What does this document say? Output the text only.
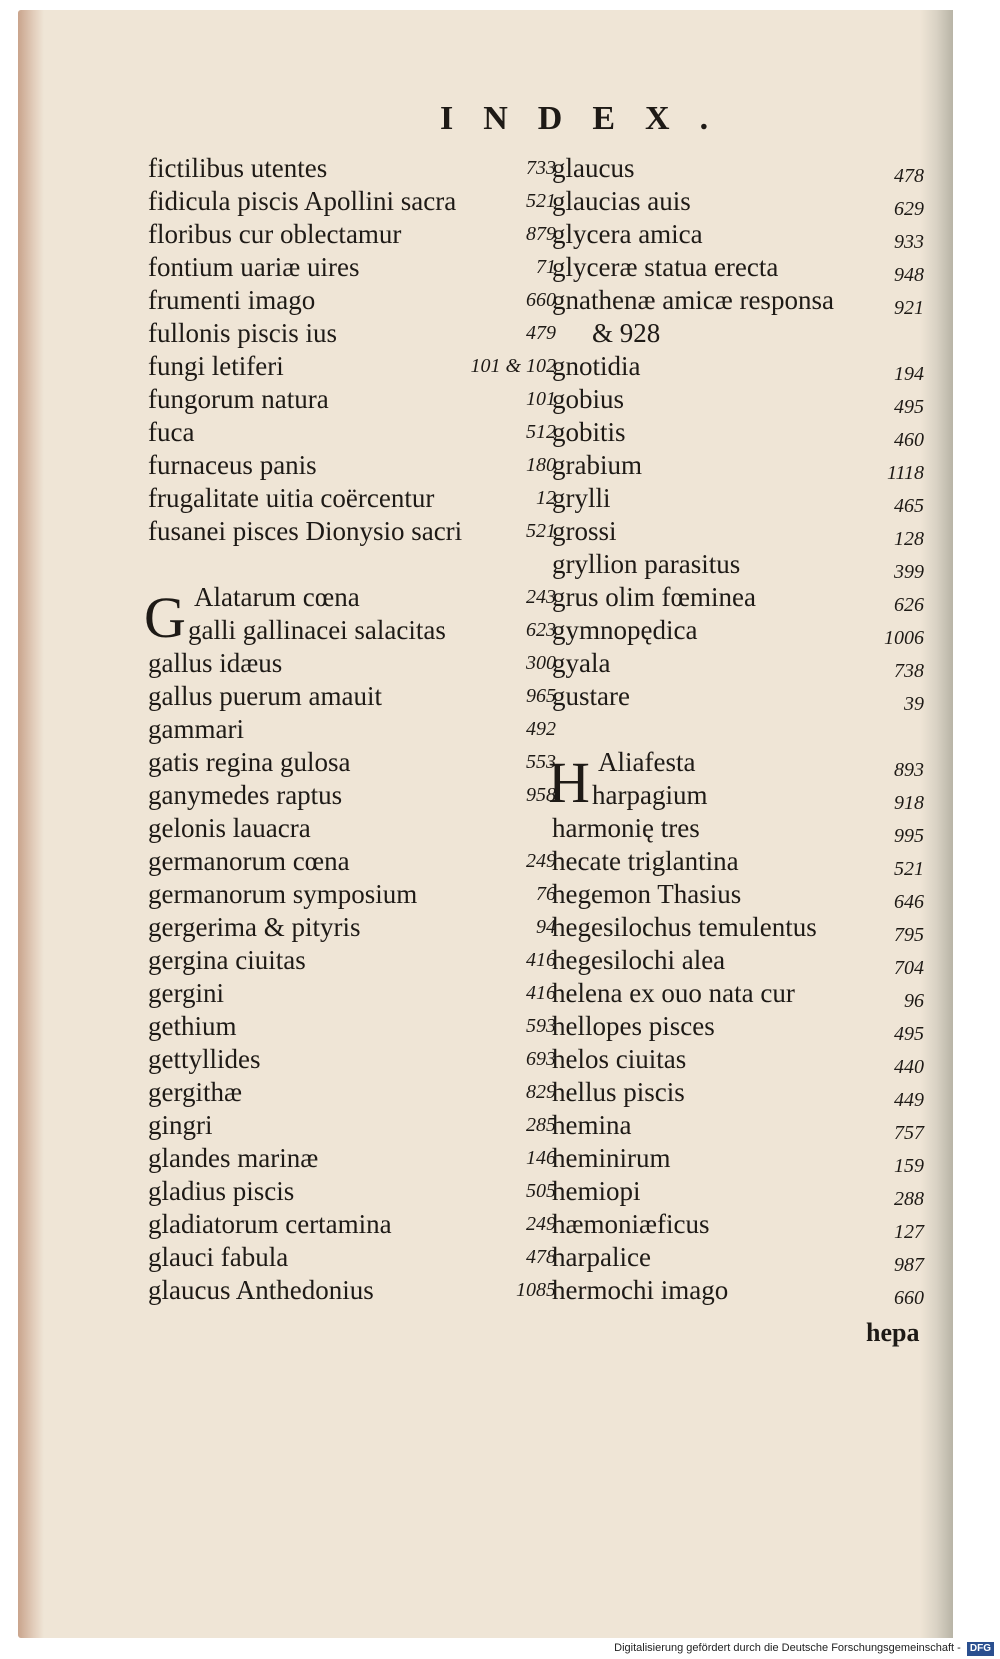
INDEX.
fictilibus utentes	733
fidicula piscis Apollini sacra	521
floribus cur oblectamur	879
fontium uariæ uires	71
frumenti imago	660
fullonis piscis ius	479
fungi letiferi	101 & 102
fungorum natura	101
fuca	512
furnaceus panis	180
frugalitate uitia coërcentur	12
fusanei pisces Dionysio sacri	521
G Alatarum cœna	243
galli gallinacei salacitas	623
gallus idæus	300
gallus puerum amauit	965
gammari	492
gatis regina gulosa	553
ganymedes raptus	958
gelonis lauacra
germanorum cœna	249
germanorum symposium	76
gergerima & pityris	94
gergina ciuitas	416
gergini	416
gethium	593
gettyllides	693
gergithæ	829
gingri	285
glandes marinæ	146
gladius piscis	505
gladiatorum certamina	249
glauci fabula	478
glaucus Anthedonius	1085
glaucus	478
glaucias auis	629
glycera amica	933
glyceræ statua erecta	948
gnathenæ amicæ responsa	921
& 928
gnotidia	194
gobius	495
gobitis	460
grabium	1118
grylli	465
grossi	128
gryllion parasitus	399
grus olim fœminea	626
gymnopędica	1006
gyala	738
gustare	39
H Aliafesta	893
harpagium	918
harmonię tres	995
hecate triglantina	521
hegemon Thasius	646
hegesilochus temulentus	795
hegesilochi alea	704
helena ex ouo nata cur	96
hellopes pisces	495
helos ciuitas	440
hellus piscis	449
hemina	757
heminirum	159
hemiopi	288
hæmoniæficus	127
harpalice	987
hermochi imago	660
hepa
Digitalisierung gefördert durch die Deutsche Forschungsgemeinschaft - DFG
